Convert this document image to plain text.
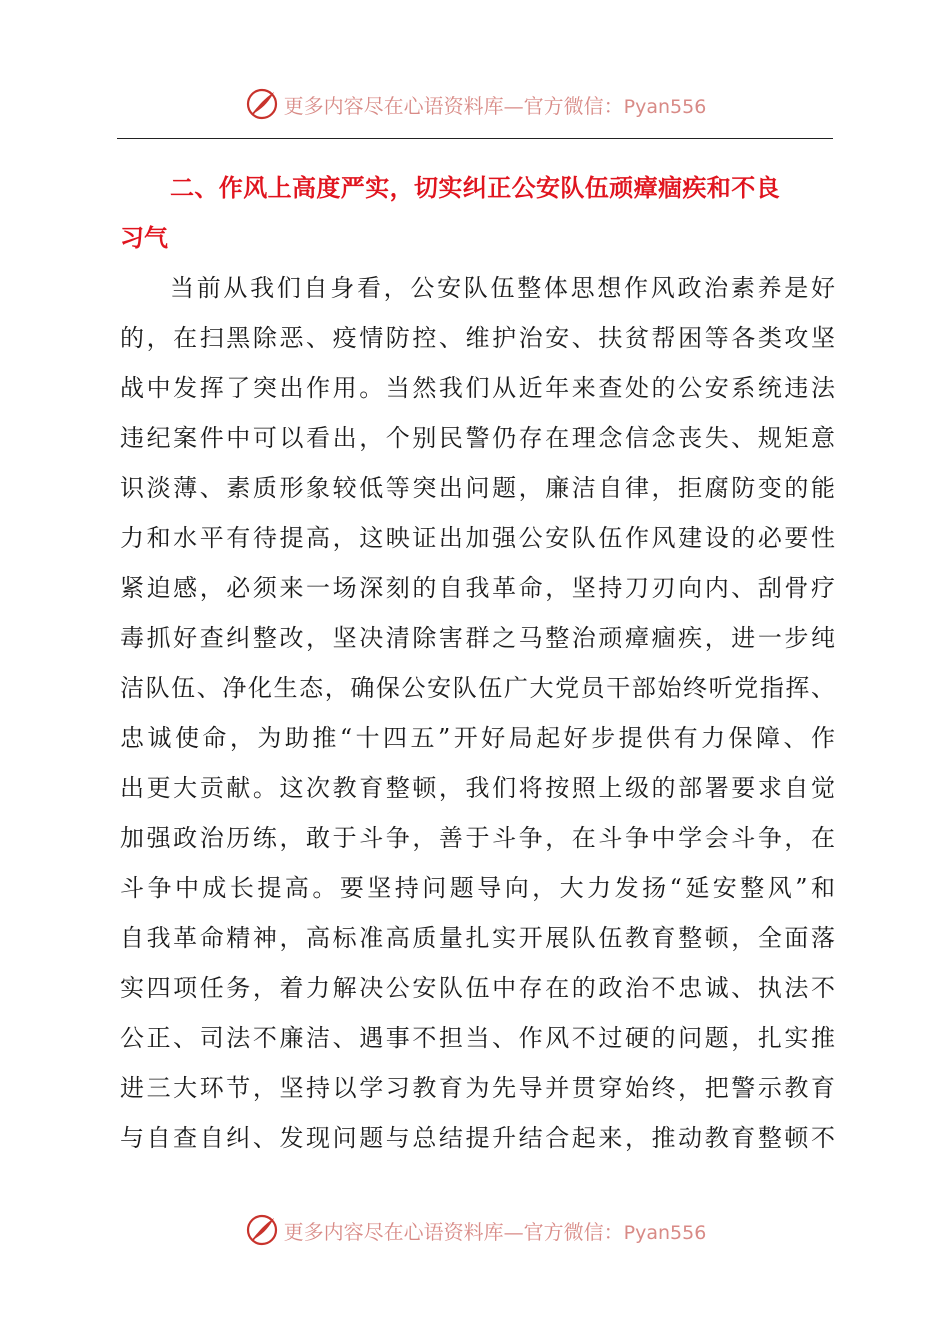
更多内容尽在心语资料库—官方微信：Pyan556
二、作风上高度严实，切实纠正公安队伍顽瘴痼疾和不良
习气
当前从我们自身看，公安队伍整体思想作风政治素养是好
的，在扫黑除恶、疫情防控、维护治安、扶贫帮困等各类攻坚
战中发挥了突出作用。当然我们从近年来查处的公安系统违法
违纪案件中可以看出，个别民警仍存在理念信念丧失、规矩意
识淡薄、素质形象较低等突出问题，廉洁自律，拒腐防变的能
力和水平有待提高，这映证出加强公安队伍作风建设的必要性
紧迫感，必须来一场深刻的自我革命，坚持刀刃向内、刮骨疗
毒抓好查纠整改，坚决清除害群之马整治顽瘴痼疾，进一步纯
洁队伍、净化生态，确保公安队伍广大党员干部始终听党指挥、
忠诚使命，为助推“十四五”开好局起好步提供有力保障、作
出更大贡献。这次教育整顿，我们将按照上级的部署要求自觉
加强政治历练，敢于斗争，善于斗争，在斗争中学会斗争，在
斗争中成长提高。要坚持问题导向，大力发扬“延安整风”和
自我革命精神，高标准高质量扎实开展队伍教育整顿，全面落
实四项任务，着力解决公安队伍中存在的政治不忠诚、执法不
公正、司法不廉洁、遇事不担当、作风不过硬的问题，扎实推
进三大环节，坚持以学习教育为先导并贯穿始终，把警示教育
与自查自纠、发现问题与总结提升结合起来，推动教育整顿不
更多内容尽在心语资料库—官方微信：Pyan556
